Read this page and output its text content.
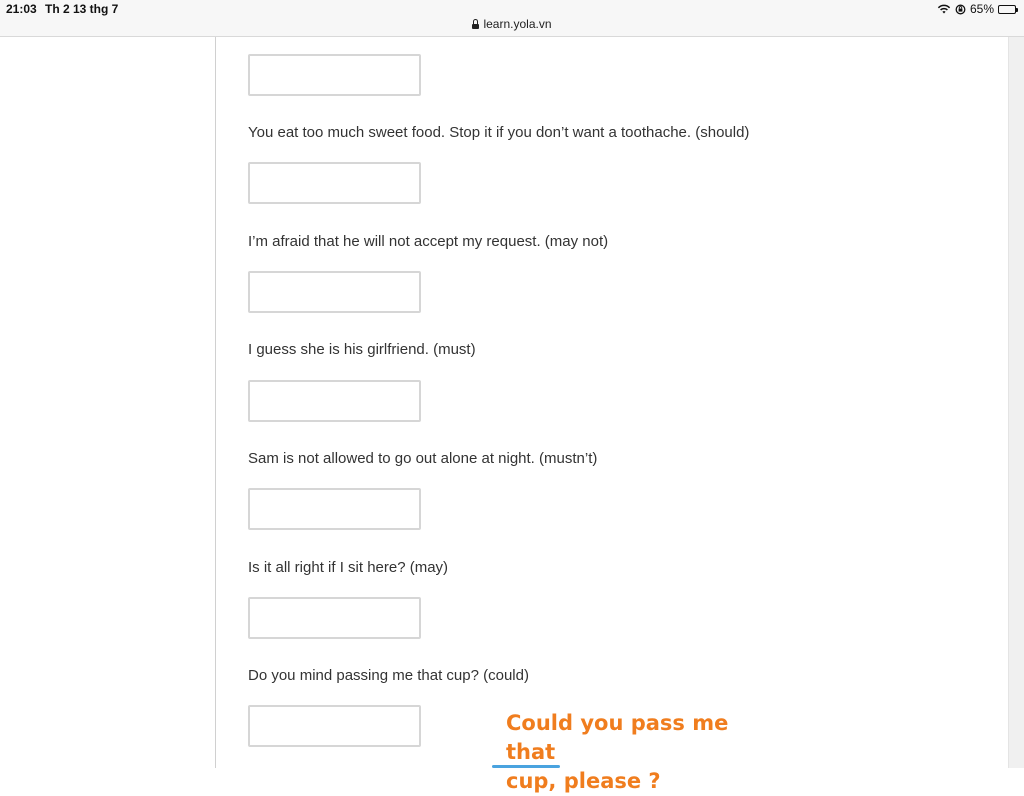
21:03 Th 2 13 thg 7	65%
learn.yola.vn
You eat too much sweet food. Stop it if you don’t want a toothache. (should)
I’m afraid that he will not accept my request. (may not)
I guess she is his girlfriend. (must)
Sam is not allowed to go out alone at night. (mustn’t)
Is it all right if I sit here? (may)
Do you mind passing me that cup? (could)
Could you pass me that
cup, please ?
